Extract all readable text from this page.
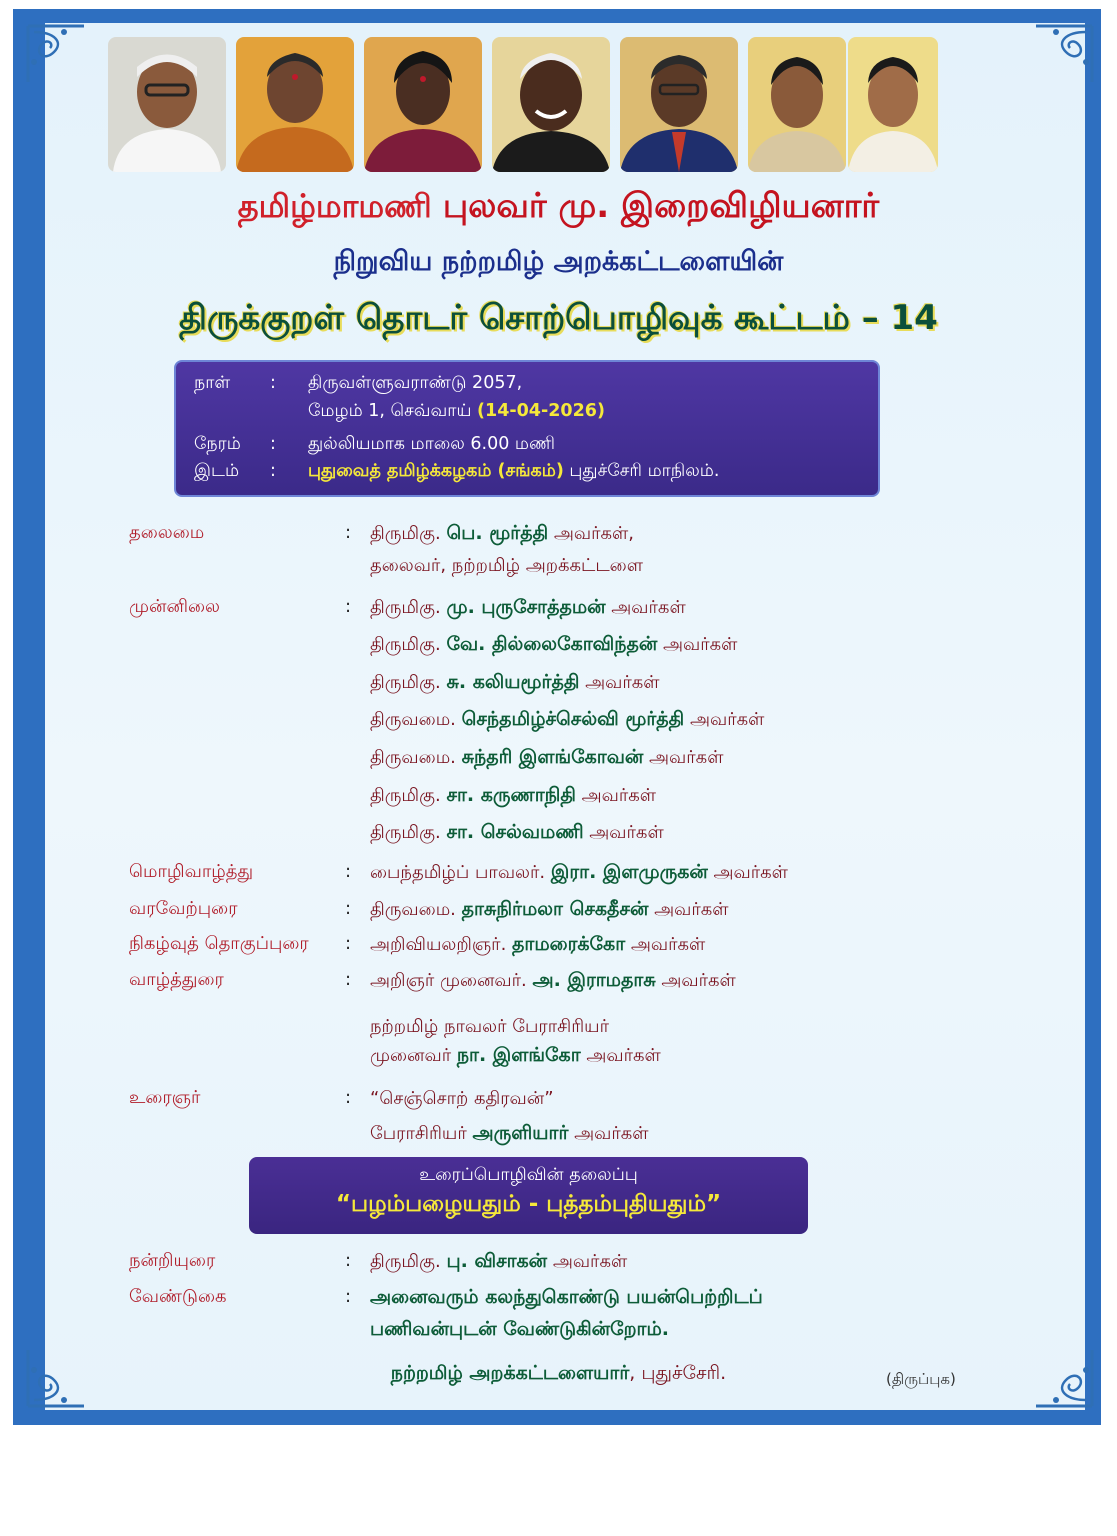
தமிழ்மாமணி புலவர் மு. இறைவிழியனார்
நிறுவிய நற்றமிழ் அறக்கட்டளையின்
திருக்குறள் தொடர் சொற்பொழிவுக் கூட்டம் – 14
நாள் : திருவள்ளுவராண்டு 2057,
மேழம் 1, செவ்வாய் (14-04-2026)
நேரம் : துல்லியமாக மாலை 6.00 மணி
இடம் : புதுவைத் தமிழ்க்கழகம் (சங்கம்) புதுச்சேரி மாநிலம்.
தலைமை	: திருமிகு. பெ. மூர்த்தி அவர்கள்,
தலைவர், நற்றமிழ் அறக்கட்டளை
முன்னிலை	: திருமிகு. மு. புருசோத்தமன் அவர்கள்
திருமிகு. வே. தில்லைகோவிந்தன் அவர்கள்
திருமிகு. சு. கலியமூர்த்தி அவர்கள்
திருவமை. செந்தமிழ்ச்செல்வி மூர்த்தி அவர்கள்
திருவமை. சுந்தரி இளங்கோவன் அவர்கள்
திருமிகு. சா. கருணாநிதி அவர்கள்
திருமிகு. சா. செல்வமணி அவர்கள்
மொழிவாழ்த்து	: பைந்தமிழ்ப் பாவலர். இரா. இளமுருகன் அவர்கள்
வரவேற்புரை	: திருவமை. தாசுநிர்மலா செகதீசன் அவர்கள்
நிகழ்வுத் தொகுப்புரை : அறிவியலறிஞர். தாமரைக்கோ அவர்கள்
வாழ்த்துரை	: அறிஞர் முனைவர். அ. இராமதாசு அவர்கள்
நற்றமிழ் நாவலர் பேராசிரியர்
முனைவர் நா. இளங்கோ அவர்கள்
உரைஞர்	: “செஞ்சொற் கதிரவன்”
பேராசிரியர் அருளியார் அவர்கள்
உரைப்பொழிவின் தலைப்பு
“பழம்பழையதும் - புத்தம்புதியதும்”
நன்றியுரை	: திருமிகு. பு. விசாகன் அவர்கள்
வேண்டுகை	: அனைவரும் கலந்துகொண்டு பயன்பெற்றிடப்
பணிவன்புடன் வேண்டுகின்றோம்.
நற்றமிழ் அறக்கட்டளையார், புதுச்சேரி.	(திருப்புக)
